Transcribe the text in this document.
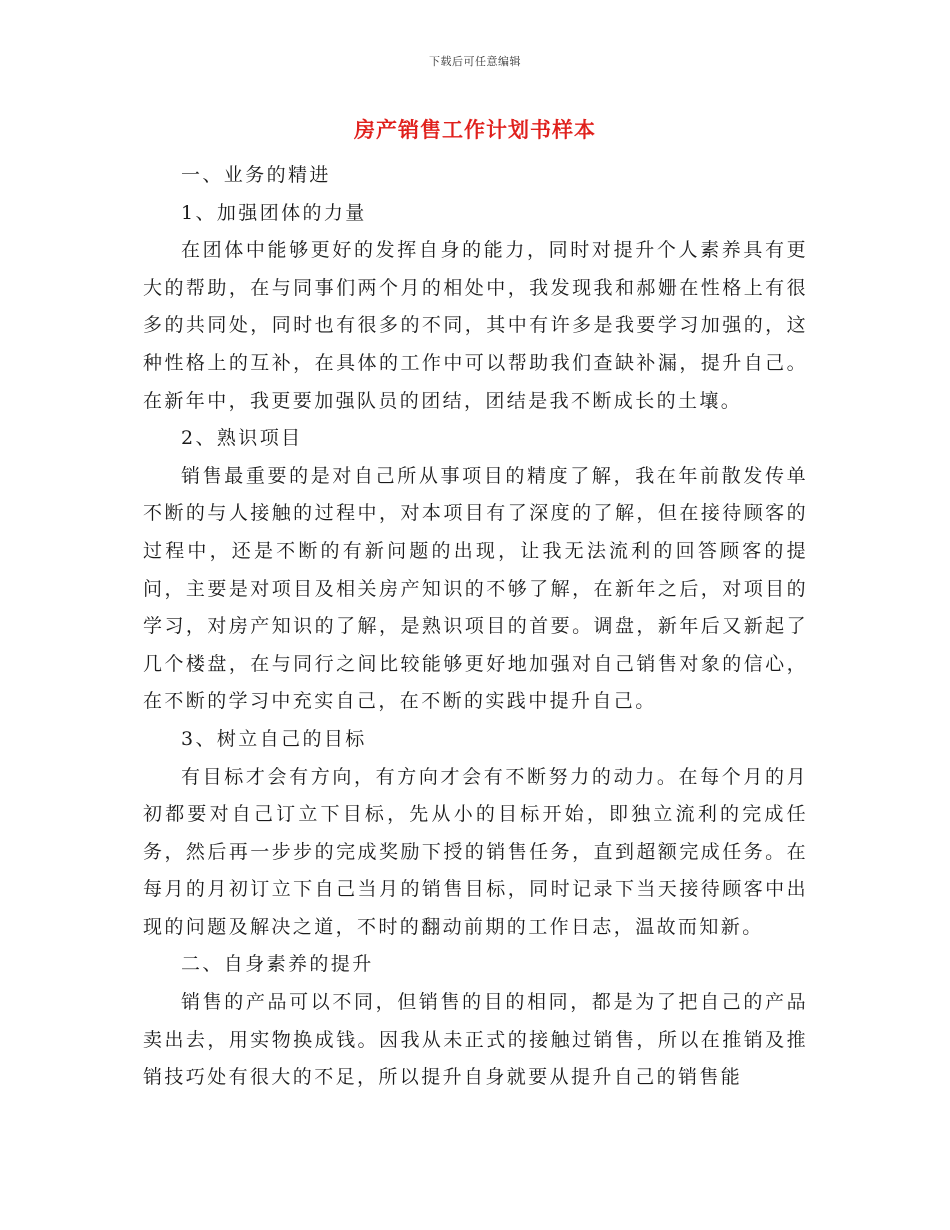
下载后可任意编辑
房产销售工作计划书样本

一、业务的精进

1、加强团体的力量

在团体中能够更好的发挥自身的能力，同时对提升个人素养具有更大的帮助，在与同事们两个月的相处中，我发现我和郝姗在性格上有很多的共同处，同时也有很多的不同，其中有许多是我要学习加强的，这种性格上的互补，在具体的工作中可以帮助我们查缺补漏，提升自己。在新年中，我更要加强队员的团结，团结是我不断成长的土壤。

2、熟识项目

销售最重要的是对自己所从事项目的精度了解，我在年前散发传单不断的与人接触的过程中，对本项目有了深度的了解，但在接待顾客的过程中，还是不断的有新问题的出现，让我无法流利的回答顾客的提问，主要是对项目及相关房产知识的不够了解，在新年之后，对项目的学习，对房产知识的了解，是熟识项目的首要。调盘，新年后又新起了几个楼盘，在与同行之间比较能够更好地加强对自己销售对象的信心，在不断的学习中充实自己，在不断的实践中提升自己。

3、树立自己的目标

有目标才会有方向，有方向才会有不断努力的动力。在每个月的月初都要对自己订立下目标，先从小的目标开始，即独立流利的完成任务，然后再一步步的完成奖励下授的销售任务，直到超额完成任务。在每月的月初订立下自己当月的销售目标，同时记录下当天接待顾客中出现的问题及解决之道，不时的翻动前期的工作日志，温故而知新。

二、自身素养的提升

销售的产品可以不同，但销售的目的相同，都是为了把自己的产品卖出去，用实物换成钱。因我从未正式的接触过销售，所以在推销及推销技巧处有很大的不足，所以提升自身就要从提升自己的销售能
